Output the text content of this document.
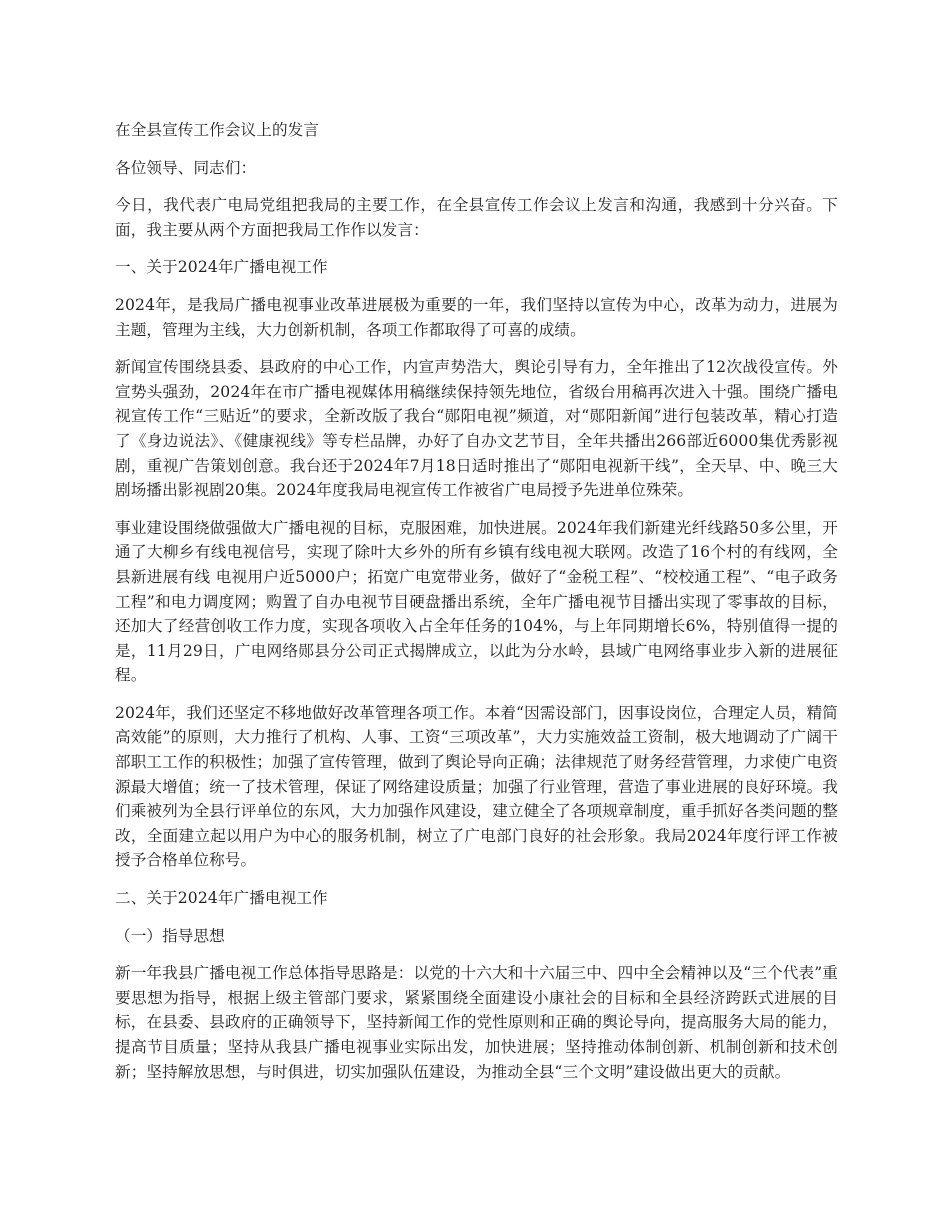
在全县宣传工作会议上的发言

各位领导、同志们：

今日，我代表广电局党组把我局的主要工作，在全县宣传工作会议上发言和沟通，我感到十分兴奋。下面，我主要从两个方面把我局工作作以发言：

一、关于2024年广播电视工作

2024年，是我局广播电视事业改革进展极为重要的一年，我们坚持以宣传为中心，改革为动力，进展为主题，管理为主线，大力创新机制，各项工作都取得了可喜的成绩。

新闻宣传围绕县委、县政府的中心工作，内宣声势浩大，舆论引导有力，全年推出了12次战役宣传。外宣势头强劲，2024年在市广播电视媒体用稿继续保持领先地位，省级台用稿再次进入十强。围绕广播电视宣传工作“三贴近”的要求，全新改版了我台“郧阳电视”频道，对“郧阳新闻”进行包装改革，精心打造了《身边说法》、《健康视线》等专栏品牌，办好了自办文艺节目，全年共播出266部近6000集优秀影视剧，重视广告策划创意。我台还于2024年7月18日适时推出了“郧阳电视新干线”，全天早、中、晚三大剧场播出影视剧20集。2024年度我局电视宣传工作被省广电局授予先进单位殊荣。

事业建设围绕做强做大广播电视的目标，克服困难，加快进展。2024年我们新建光纤线路50多公里，开通了大柳乡有线电视信号，实现了除叶大乡外的所有乡镇有线电视大联网。改造了16个村的有线网，全县新进展有线 电视用户近5000户；拓宽广电宽带业务，做好了“金税工程”、“校校通工程”、“电子政务工程”和电力调度网；购置了自办电视节目硬盘播出系统，全年广播电视节目播出实现了零事故的目标，还加大了经营创收工作力度，实现各项收入占全年任务的104%，与上年同期增长6%，特别值得一提的是，11月29日，广电网络郧县分公司正式揭牌成立，以此为分水岭，县域广电网络事业步入新的进展征程。

2024年，我们还坚定不移地做好改革管理各项工作。本着“因需设部门，因事设岗位，合理定人员，精简高效能”的原则，大力推行了机构、人事、工资“三项改革”，大力实施效益工资制，极大地调动了广阔干部职工工作的积极性；加强了宣传管理，做到了舆论导向正确；法律规范了财务经营管理，力求使广电资源最大增值；统一了技术管理，保证了网络建设质量；加强了行业管理，营造了事业进展的良好环境。我们乘被列为全县行评单位的东风，大力加强作风建设，建立健全了各项规章制度，重手抓好各类问题的整改，全面建立起以用户为中心的服务机制，树立了广电部门良好的社会形象。我局2024年度行评工作被授予合格单位称号。

二、关于2024年广播电视工作

（一）指导思想

新一年我县广播电视工作总体指导思路是：以党的十六大和十六届三中、四中全会精神以及“三个代表”重要思想为指导，根据上级主管部门要求，紧紧围绕全面建设小康社会的目标和全县经济跨跃式进展的目标，在县委、县政府的正确领导下，坚持新闻工作的党性原则和正确的舆论导向，提高服务大局的能力，提高节目质量；坚持从我县广播电视事业实际出发，加快进展；坚持推动体制创新、机制创新和技术创新；坚持解放思想，与时俱进，切实加强队伍建设，为推动全县“三个文明”建设做出更大的贡献。
